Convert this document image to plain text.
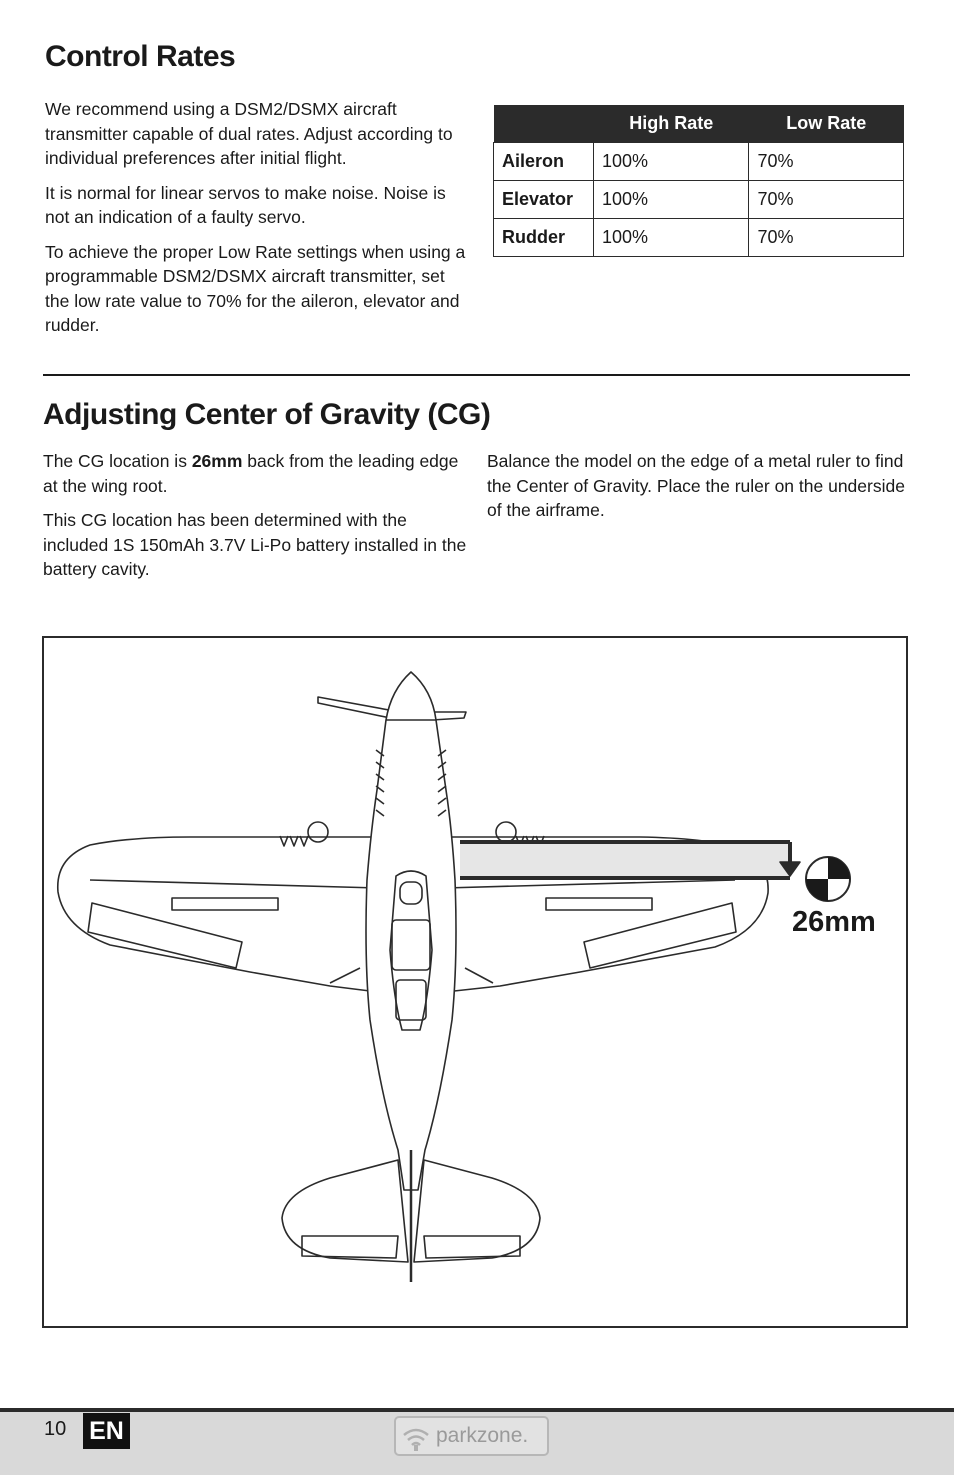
Control Rates

We recommend using a DSM2/DSMX aircraft transmitter capable of dual rates. Adjust according to individual preferences after initial flight.

It is normal for linear servos to make noise. Noise is not an indication of a faulty servo.

To achieve the proper Low Rate settings when using a programmable DSM2/DSMX aircraft transmitter, set the low rate value to 70% for the aileron, elevator and rudder.

	High Rate	Low Rate
Aileron	100%	70%
Elevator	100%	70%
Rudder	100%	70%
Adjusting Center of Gravity (CG)

The CG location is 26mm back from the leading edge at the wing root.

This CG location has been determined with the included 1S 150mAh 3.7V Li-Po battery installed in the battery cavity.

Balance the model on the edge of a metal ruler to find the Center of Gravity. Place the ruler on the underside of the airframe.

26mm
10 EN	parkzone.
